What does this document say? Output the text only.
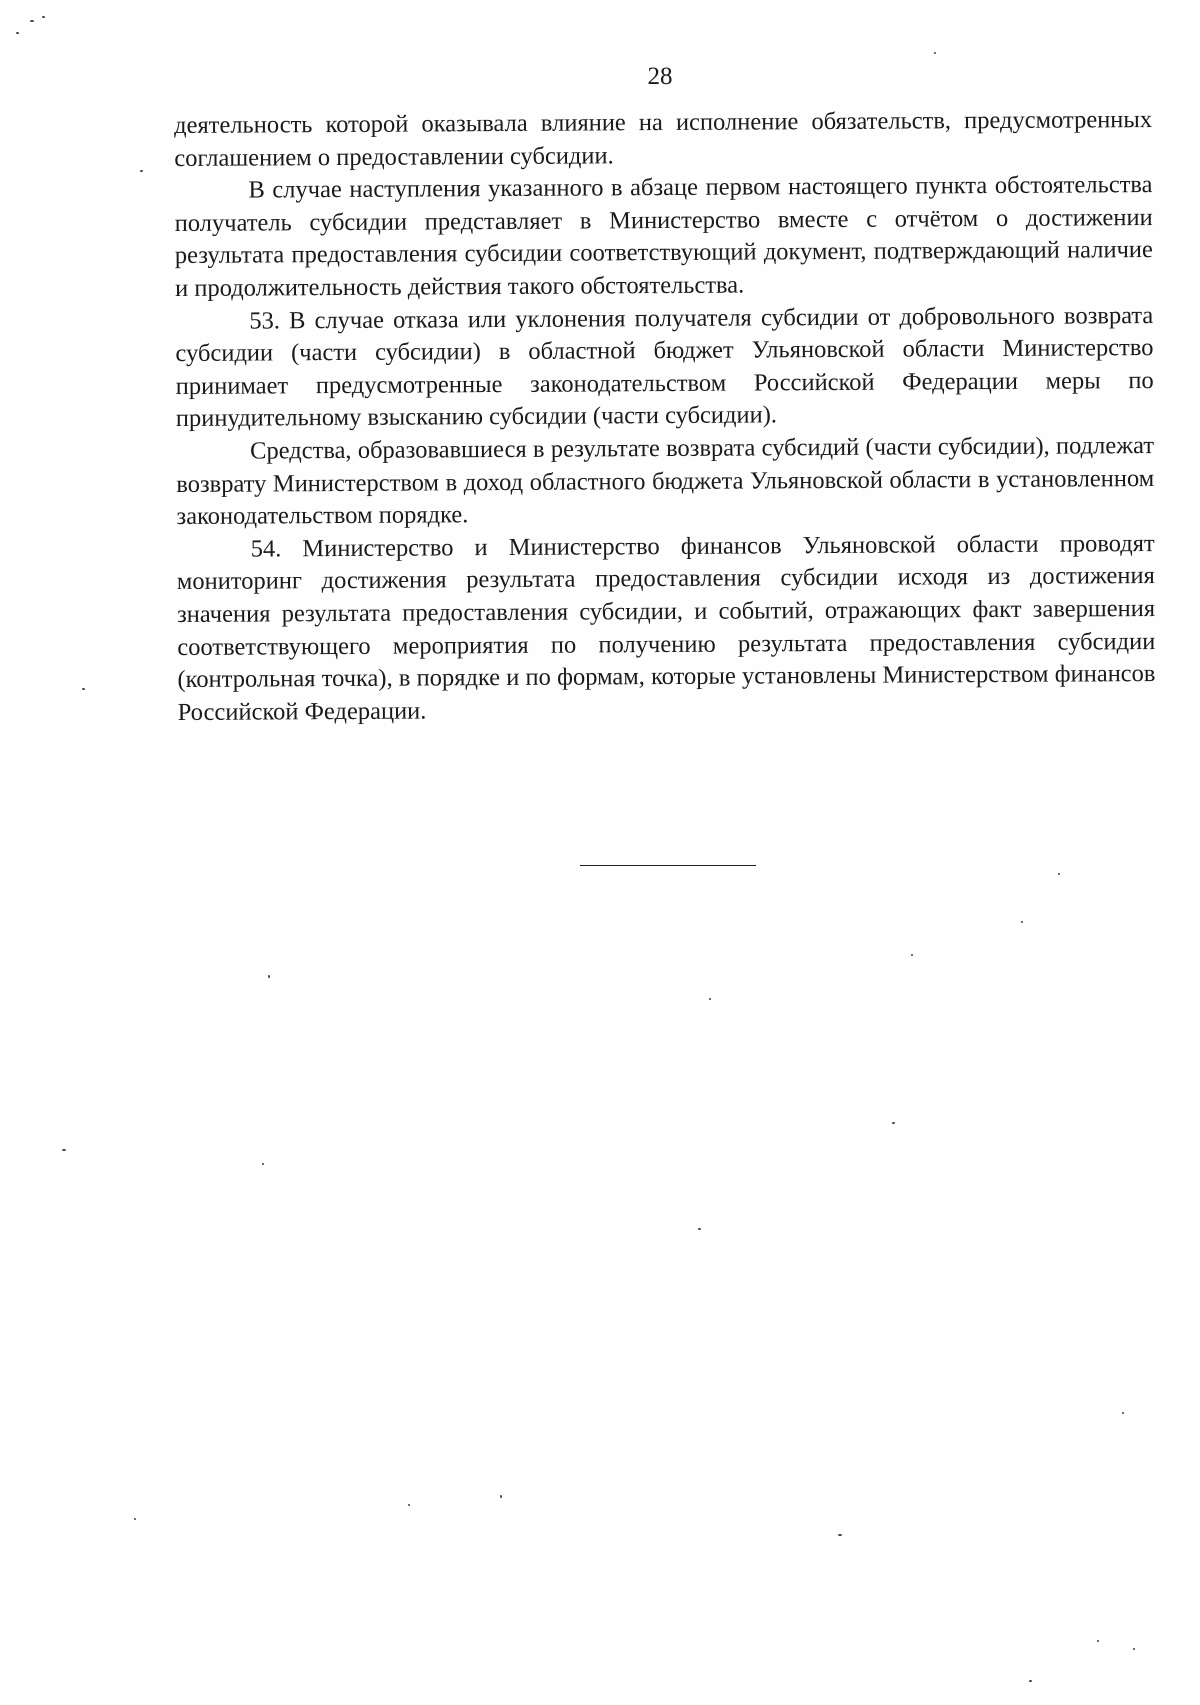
28

деятельность которой оказывала влияние на исполнение обязательств, предусмотренных соглашением о предоставлении субсидии.

В случае наступления указанного в абзаце первом настоящего пункта обстоятельства получатель субсидии представляет в Министерство вместе с отчётом о достижении результата предоставления субсидии соответствующий документ, подтверждающий наличие и продолжительность действия такого обстоятельства.

53. В случае отказа или уклонения получателя субсидии от добровольного возврата субсидии (части субсидии) в областной бюджет Ульяновской области Министерство принимает предусмотренные законодательством Российской Федерации меры по принудительному взысканию субсидии (части субсидии).

Средства, образовавшиеся в результате возврата субсидий (части субсидии), подлежат возврату Министерством в доход областного бюджета Ульяновской области в установленном законодательством порядке.

54. Министерство и Министерство финансов Ульяновской области проводят мониторинг достижения результата предоставления субсидии исходя из достижения значения результата предоставления субсидии, и событий, отражающих факт завершения соответствующего мероприятия по получению результата предоставления субсидии (контрольная точка), в порядке и по формам, которые установлены Министерством финансов Российской Федерации.
